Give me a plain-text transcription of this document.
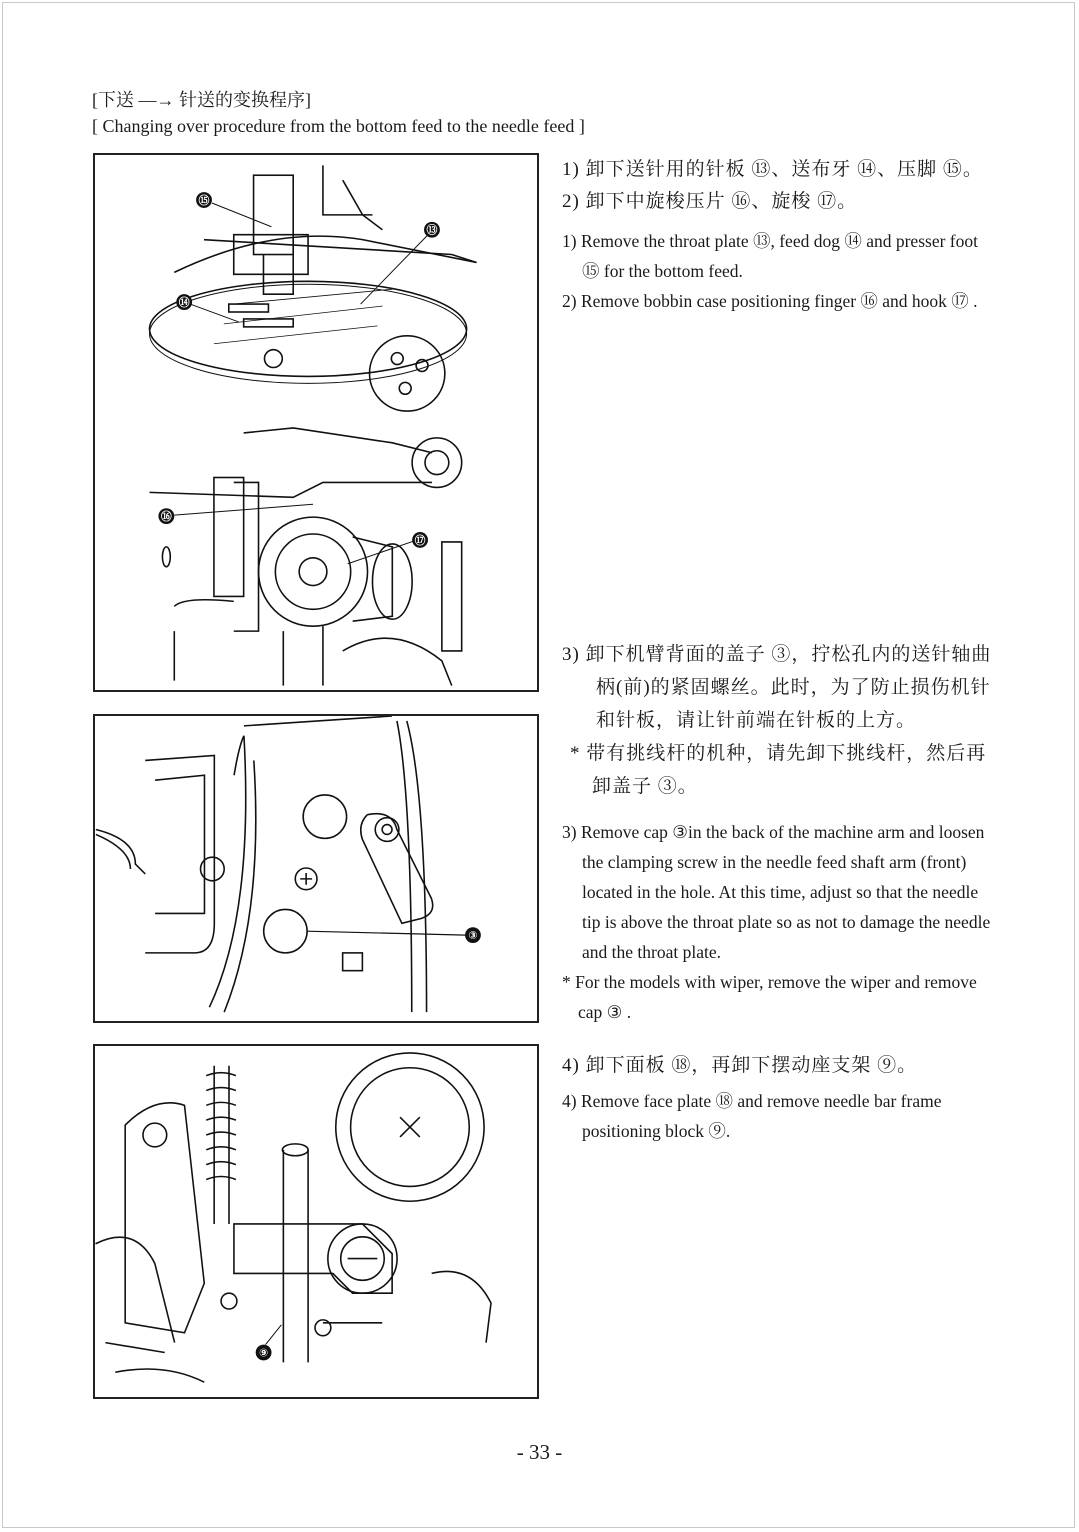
[下送 —→ 针送的变换程序]
[ Changing over procedure from the bottom feed to the needle feed ]
⑮
⑬
⑭
⑯
⑰
③
⑨

1) 卸下送针用的针板 ⑬、送布牙 ⑭、压脚 ⑮。

2) 卸下中旋梭压片 ⑯、旋梭 ⑰。

1) Remove the throat plate ⑬, feed dog ⑭ and presser foot ⑮ for the bottom feed.

2) Remove bobbin case positioning finger ⑯ and hook ⑰ .

3) 卸下机臂背面的盖子 ③，拧松孔内的送针轴曲柄(前)的紧固螺丝。此时，为了防止损伤机针和针板，请让针前端在针板的上方。

* 带有挑线杆的机种，请先卸下挑线杆，然后再卸盖子 ③。

3) Remove cap ③in the back of the machine arm and loosen the clamping screw in the needle feed shaft arm (front) located in the hole. At this time, adjust so that the needle tip is above the throat plate so as not to damage the needle and the throat plate.

* For the models with wiper, remove the wiper and remove cap ③ .

4) 卸下面板 ⑱，再卸下摆动座支架 ⑨。

4) Remove face plate ⑱ and remove needle bar frame positioning block ⑨.

- 33 -
